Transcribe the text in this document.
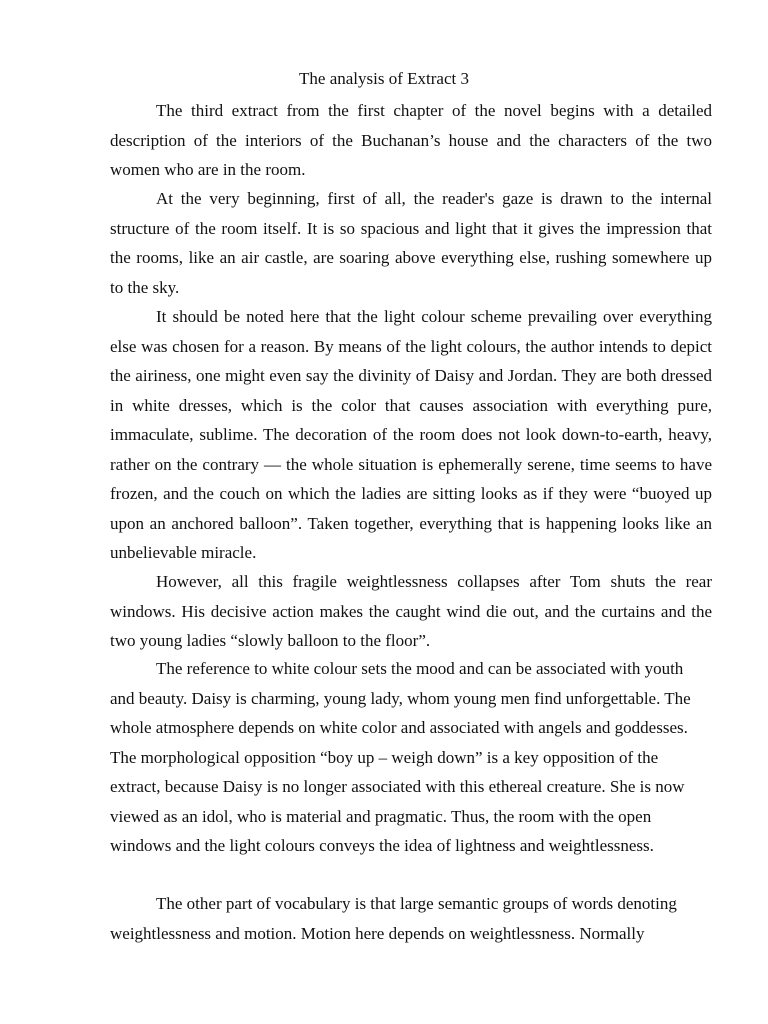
The analysis of Extract 3

The third extract from the first chapter of the novel begins with a detailed description of the interiors of the Buchanan’s house and the characters of the two women who are in the room.

At the very beginning, first of all, the reader's gaze is drawn to the internal structure of the room itself. It is so spacious and light that it gives the impression that the rooms, like an air castle, are soaring above everything else, rushing somewhere up to the sky.

It should be noted here that the light colour scheme prevailing over everything else was chosen for a reason. By means of the light colours, the author intends to depict the airiness, one might even say the divinity of Daisy and Jordan. They are both dressed in white dresses, which is the color that causes association with everything pure, immaculate, sublime. The decoration of the room does not look down-to-earth, heavy, rather on the contrary — the whole situation is ephemerally serene, time seems to have frozen, and the couch on which the ladies are sitting looks as if they were “buoyed up upon an anchored balloon”. Taken together, everything that is happening looks like an unbelievable miracle.

However, all this fragile weightlessness collapses after Tom shuts the rear windows. His decisive action makes the caught wind die out, and the curtains and the two young ladies “slowly balloon to the floor”.

The reference to white colour sets the mood and can be associated with youth and beauty. Daisy is charming, young lady, whom young men find unforgettable. The whole atmosphere depends on white color and associated with angels and goddesses. The morphological opposition “boy up – weigh down” is a key opposition of the extract, because Daisy is no longer associated with this ethereal creature. She is now viewed as an idol, who is material and pragmatic. Thus, the room with the open windows and the light colours conveys the idea of lightness and weightlessness.

The other part of vocabulary is that large semantic groups of words denoting weightlessness and motion. Motion here depends on weightlessness. Normally
